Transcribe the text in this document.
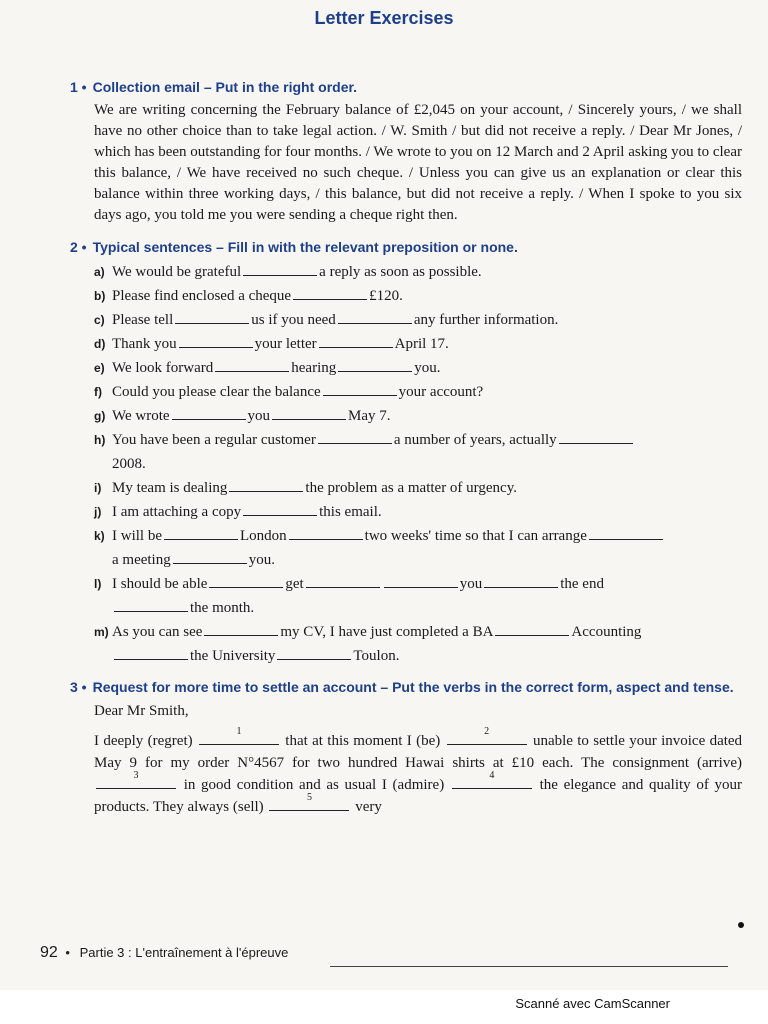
Letter Exercises
1 • Collection email – Put in the right order.
We are writing concerning the February balance of £2,045 on your account, / Sincerely yours, / we shall have no other choice than to take legal action. / W. Smith / but did not receive a reply. / Dear Mr Jones, / which has been outstanding for four months. / We wrote to you on 12 March and 2 April asking you to clear this balance, / We have received no such cheque. / Unless you can give us an explanation or clear this balance within three working days, / this balance, but did not receive a reply. / When I spoke to you six days ago, you told me you were sending a cheque right then.
2 • Typical sentences – Fill in with the relevant preposition or none.
a) We would be grateful	a reply as soon as possible.
b) Please find enclosed a cheque	£120.
c) Please tell	us if you need	any further information.
d) Thank you	your letter	April 17.
e) We look forward	hearing	you.
f) Could you please clear the balance	your account?
g) We wrote	you	May 7.
h) You have been a regular customer	a number of years, actually
2008.
i) My team is dealing	the problem as a matter of urgency.
j) I am attaching a copy	this email.
k) I will be	London	two weeks' time so that I can arrange
a meeting	you.
l) I should be able	get	you	the end
the month.
m) As you can see	my CV, I have just completed a BA	Accounting
the University	Toulon.
3 • Request for more time to settle an account – Put the verbs in the correct form, aspect and tense.

Dear Mr Smith,

I deeply (regret)
1
that at this moment I (be)
2
unable to settle your invoice dated May 9 for my order N°4567 for two hundred Hawai shirts at £10 each. The consignment (arrive)
3
in good condition and as usual I (admire)
4
the elegance and quality of your products. They always (sell)
5
very

92 • Partie 3 : L'entraînement à l'épreuve
Scanné avec CamScanner
